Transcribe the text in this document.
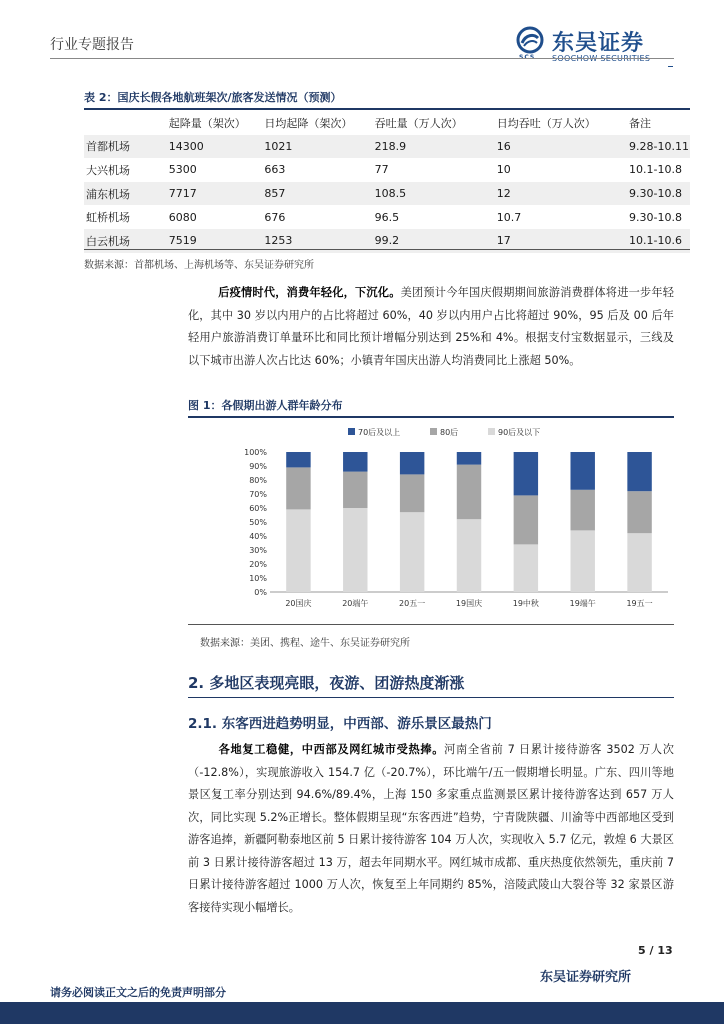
行业专题报告	东吴证券
表 2：国庆长假各地航班架次/旅客发送情况（预测）
	起降量（架次）	日均起降（架次）	吞吐量（万人次）	日均吞吐（万人次）	备注
首都机场	14300	1021	218.9	16	9.28-10.11
大兴机场	5300	663	77	10	10.1-10.8
浦东机场	7717	857	108.5	12	9.30-10.8
虹桥机场	6080	676	96.5	10.7	9.30-10.8
白云机场	7519	1253	99.2	17	10.1-10.6
数据来源：首都机场、上海机场等、东吴证券研究所
后疫情时代，消费年轻化，下沉化。美团预计今年国庆假期期间旅游消费群体将进一步年轻化，其中 30 岁以内用户的占比将超过 60%，40 岁以内用户占比将超过 90%，95 后及 00 后年轻用户旅游消费订单量环比和同比预计增幅分别达到 25%和 4%。根据支付宝数据显示，三线及以下城市出游人次占比达 60%；小镇青年国庆出游人均消费同比上涨超 50%。
图 1：各假期出游人群年龄分布
70后及以上	80后	90后及以下
0%
10%
20%
30%
40%
50%
60%
70%
80%
90%
100%
20国庆	20端午	20五一	19国庆	19中秋	19端午	19五一
数据来源：美团、携程、途牛、东吴证券研究所
2. 多地区表现亮眼，夜游、团游热度渐涨
2.1. 东客西进趋势明显，中西部、游乐景区最热门
各地复工稳健，中西部及网红城市受热捧。河南全省前 7 日累计接待游客 3502 万人次（-12.8%），实现旅游收入 154.7 亿（-20.7%），环比端午/五一假期增长明显。广东、四川等地景区复工率分别达到 94.6%/89.4%，上海 150 多家重点监测景区累计接待游客达到 657 万人次，同比实现 5.2%正增长。整体假期呈现“东客西进”趋势，宁青陇陕疆、川渝等中西部地区受到游客追捧，新疆阿勒泰地区前 5 日累计接待游客 104 万人次，实现收入 5.7 亿元，敦煌 6 大景区前 3 日累计接待游客超过 13 万，超去年同期水平。网红城市成都、重庆热度依然领先，重庆前 7 日累计接待游客超过 1000 万人次，恢复至上年同期约 85%，涪陵武陵山大裂谷等 32 家景区游客接待实现小幅增长。
5 / 13
东吴证券研究所
请务必阅读正文之后的免责声明部分
